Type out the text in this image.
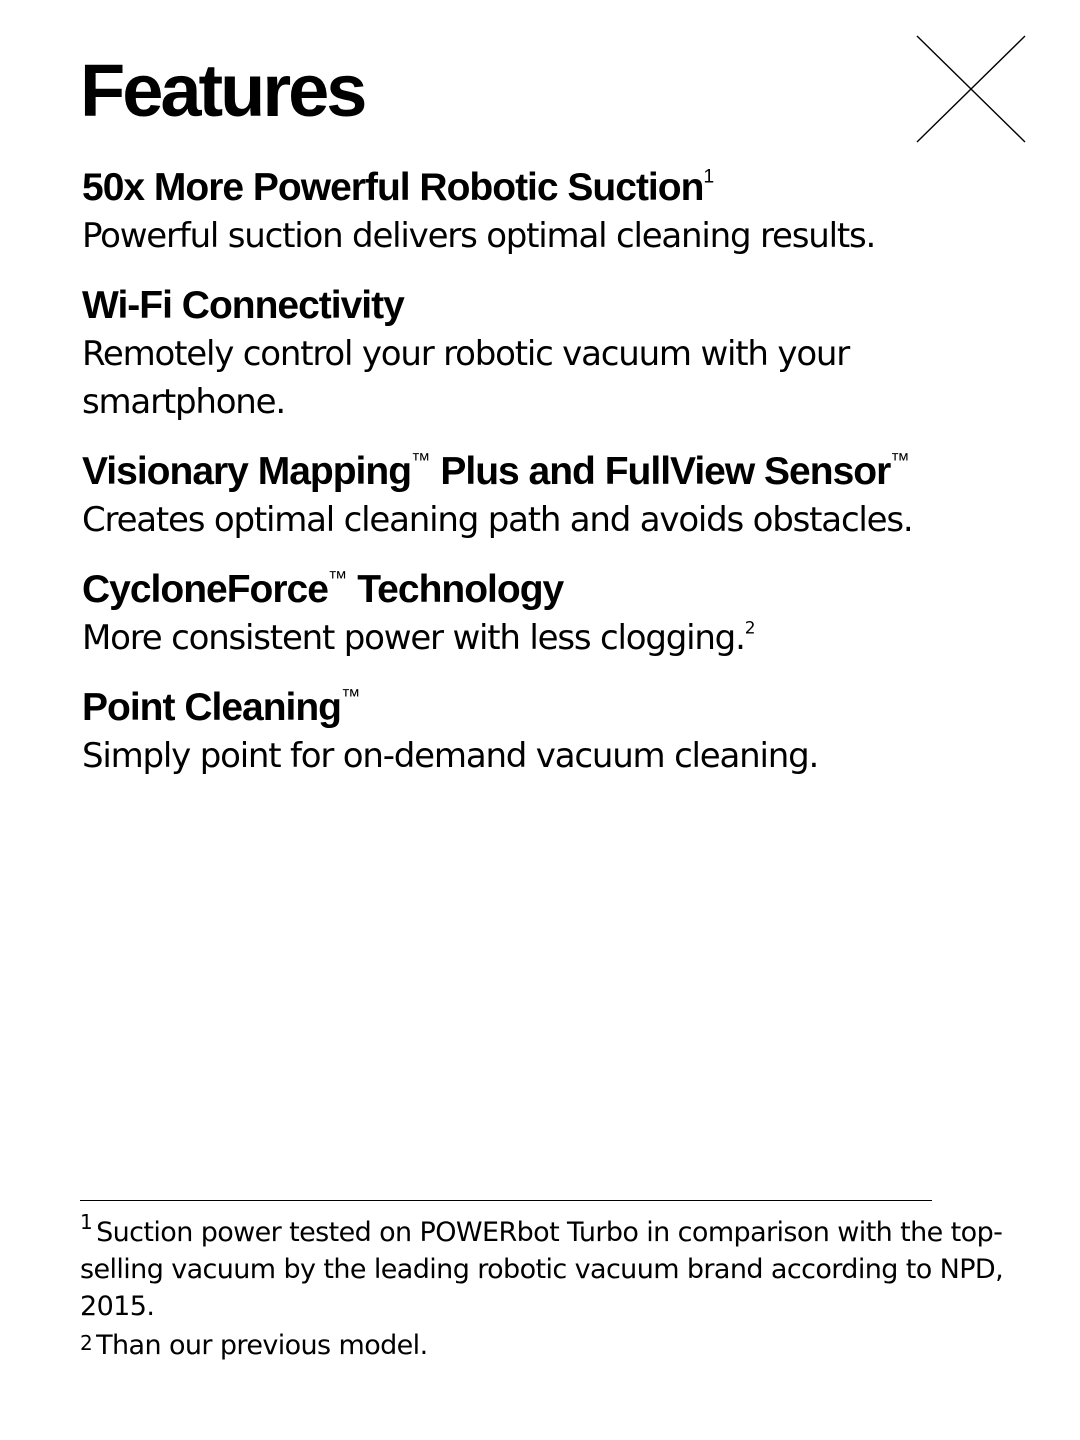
Features
50x More Powerful Robotic Suction$^1$
Powerful suction delivers optimal cleaning results.
Wi-Fi Connectivity
Remotely control your robotic vacuum with your
smartphone.
Visionary Mapping™ Plus and FullView Sensor™
Creates optimal cleaning path and avoids obstacles.
CycloneForce™ Technology
More consistent power with less clogging.$^2$
Point Cleaning™
Simply point for on-demand vacuum cleaning.

$^1$ Suction power tested on POWERbot Turbo in comparison with the top-selling vacuum by the leading robotic vacuum brand according to NPD, 2015.

2 Than our previous model.
